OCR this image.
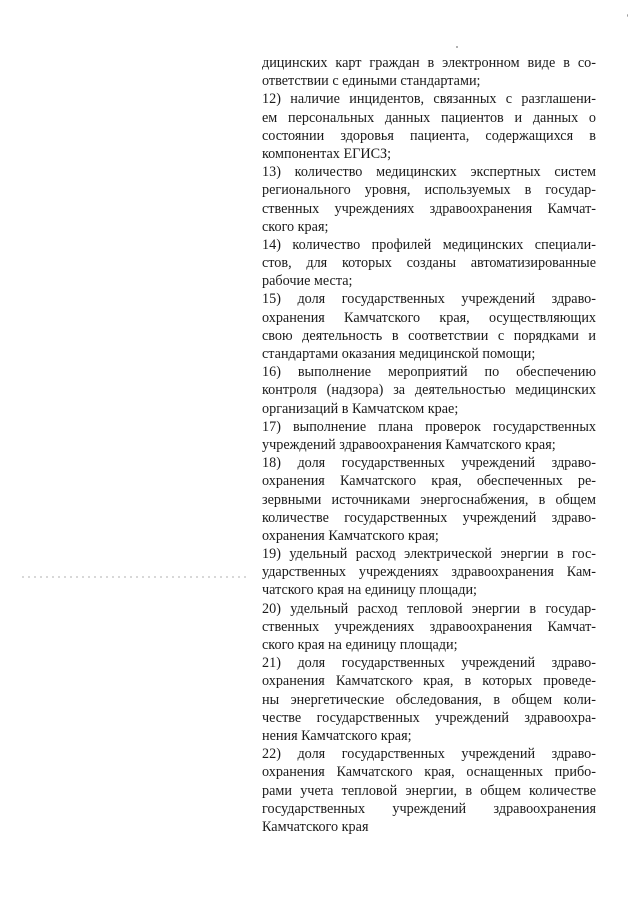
дицинских карт граждан в электронном виде в со-
ответствии с едиными стандартами;
12) наличие инцидентов, связанных с разглашени-
ем персональных данных пациентов и данных о
состоянии здоровья пациента, содержащихся в
компонентах ЕГИСЗ;
13) количество медицинских экспертных систем
регионального уровня, используемых в государ-
ственных учреждениях здравоохранения Камчат-
ского края;
14) количество профилей медицинских специали-
стов, для которых созданы автоматизированные
рабочие места;
15) доля государственных учреждений здраво-
охранения Камчатского края, осуществляющих
свою деятельность в соответствии с порядками и
стандартами оказания медицинской помощи;
16) выполнение мероприятий по обеспечению
контроля (надзора) за деятельностью медицинских
организаций в Камчатском крае;
17) выполнение плана проверок государственных
учреждений здравоохранения Камчатского края;
18) доля государственных учреждений здраво-
охранения Камчатского края, обеспеченных ре-
зервными источниками энергоснабжения, в общем
количестве государственных учреждений здраво-
охранения Камчатского края;
19) удельный расход электрической энергии в гос-
ударственных учреждениях здравоохранения Кам-
чатского края на единицу площади;
20) удельный расход тепловой энергии в государ-
ственных учреждениях здравоохранения Камчат-
ского края на единицу площади;
21) доля государственных учреждений здраво-
охранения Камчатского края, в которых проведе-
ны энергетические обследования, в общем коли-
честве государственных учреждений здравоохра-
нения Камчатского края;
22) доля государственных учреждений здраво-
охранения Камчатского края, оснащенных прибо-
рами учета тепловой энергии, в общем количестве
государственных учреждений здравоохранения
Камчатского края
